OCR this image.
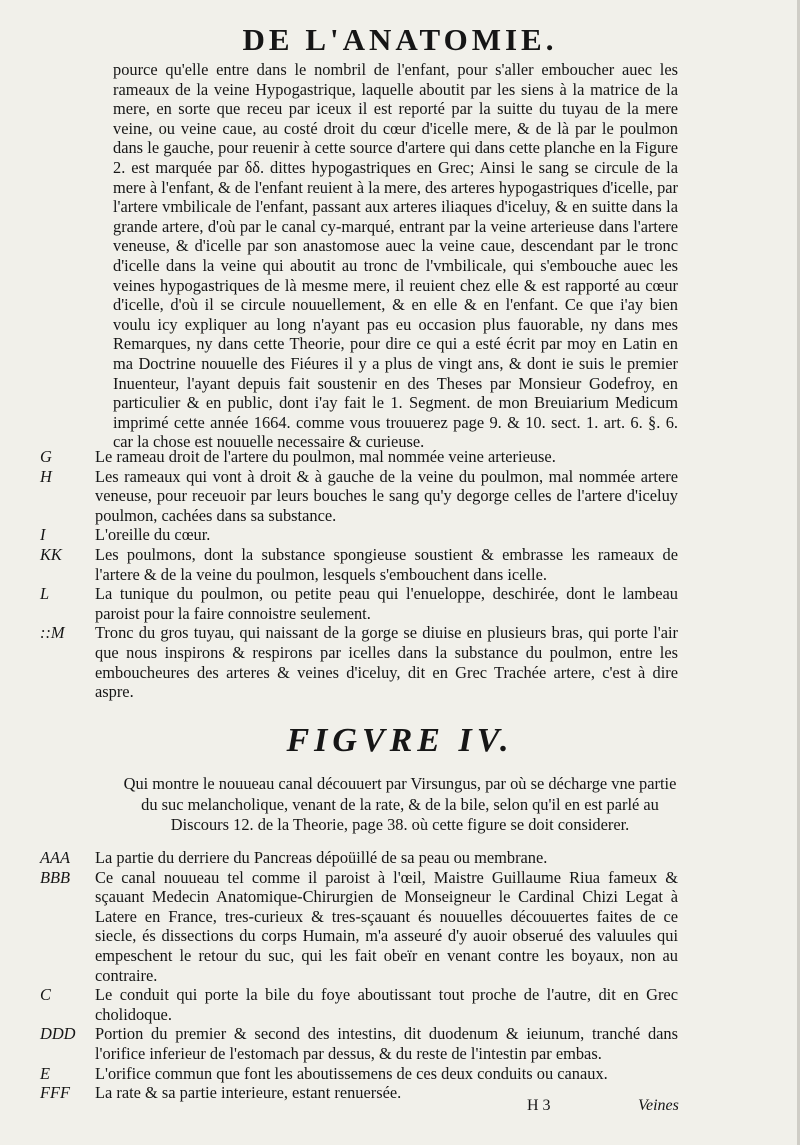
DE L'ANATOMIE.

pource qu'elle entre dans le nombril de l'enfant, pour s'aller emboucher auec les rameaux de la veine Hypogastrique, laquelle aboutit par les siens à la matrice de la mere, en sorte que receu par iceux il est reporté par la suitte du tuyau de la mere veine, ou veine caue, au costé droit du cœur d'icelle mere, & de là par le poulmon dans le gauche, pour reuenir à cette source d'artere qui dans cette planche en la Figure 2. est marquée par δδ. dittes hypogastriques en Grec; Ainsi le sang se circule de la mere à l'enfant, & de l'enfant reuient à la mere, des arteres hypogastriques d'icelle, par l'artere vmbilicale de l'enfant, passant aux arteres iliaques d'iceluy, & en suitte dans la grande artere, d'où par le canal cy-marqué, entrant par la veine arterieuse dans l'artere veneuse, & d'icelle par son anastomose auec la veine caue, descendant par le tronc d'icelle dans la veine qui aboutit au tronc de l'vmbilicale, qui s'embouche auec les veines hypogastriques de là mesme mere, il reuient chez elle & est rapporté au cœur d'icelle, d'où il se circule nouuellement, & en elle & en l'enfant. Ce que i'ay bien voulu icy expliquer au long n'ayant pas eu occasion plus fauorable, ny dans mes Remarques, ny dans cette Theorie, pour dire ce qui a esté écrit par moy en Latin en ma Doctrine nouuelle des Fiéures il y a plus de vingt ans, & dont ie suis le premier Inuenteur, l'ayant depuis fait soustenir en des Theses par Monsieur Godefroy, en particulier & en public, dont i'ay fait le 1. Segment. de mon Breuiarium Medicum imprimé cette année 1664. comme vous trouuerez page 9. & 10. sect. 1. art. 6. §. 6. car la chose est nouuelle necessaire & curieuse.

G	Le rameau droit de l'artere du poulmon, mal nommée veine arterieuse.
H	Les rameaux qui vont à droit & à gauche de la veine du poulmon, mal nommée artere veneuse, pour receuoir par leurs bouches le sang qu'y degorge celles de l'artere d'iceluy poulmon, cachées dans sa substance.
I	L'oreille du cœur.
KK	Les poulmons, dont la substance spongieuse soustient & embrasse les rameaux de l'artere & de la veine du poulmon, lesquels s'embouchent dans icelle.
L	La tunique du poulmon, ou petite peau qui l'enueloppe, deschirée, dont le lambeau paroist pour la faire connoistre seulement.
::M	Tronc du gros tuyau, qui naissant de la gorge se diuise en plusieurs bras, qui porte l'air que nous inspirons & respirons par icelles dans la substance du poulmon, entre les emboucheures des arteres & veines d'iceluy, dit en Grec Trachée artere, c'est à dire aspre.
FIGVRE IV.
Qui montre le nouueau canal découuert par Virsungus, par où se décharge vne partie du suc melancholique, venant de la rate, & de la bile, selon qu'il en est parlé au Discours 12. de la Theorie, page 38. où cette figure se doit considerer.
AAA	La partie du derriere du Pancreas dépoüillé de sa peau ou membrane.
BBB	Ce canal nouueau tel comme il paroist à l'œil, Maistre Guillaume Riua fameux & sçauant Medecin Anatomique-Chirurgien de Monseigneur le Cardinal Chizi Legat à Latere en France, tres-curieux & tres-sçauant és nouuelles découuertes faites de ce siecle, és dissections du corps Humain, m'a asseuré d'y auoir obserué des valuules qui empeschent le retour du suc, qui les fait obeïr en venant contre les boyaux, non au contraire.
C	Le conduit qui porte la bile du foye aboutissant tout proche de l'autre, dit en Grec cholidoque.
DDD	Portion du premier & second des intestins, dit duodenum & ieiunum, tranché dans l'orifice inferieur de l'estomach par dessus, & du reste de l'intestin par embas.
E	L'orifice commun que font les aboutissemens de ces deux conduits ou canaux.
FFF	La rate & sa partie interieure, estant renuersée.
H 3	Veines
